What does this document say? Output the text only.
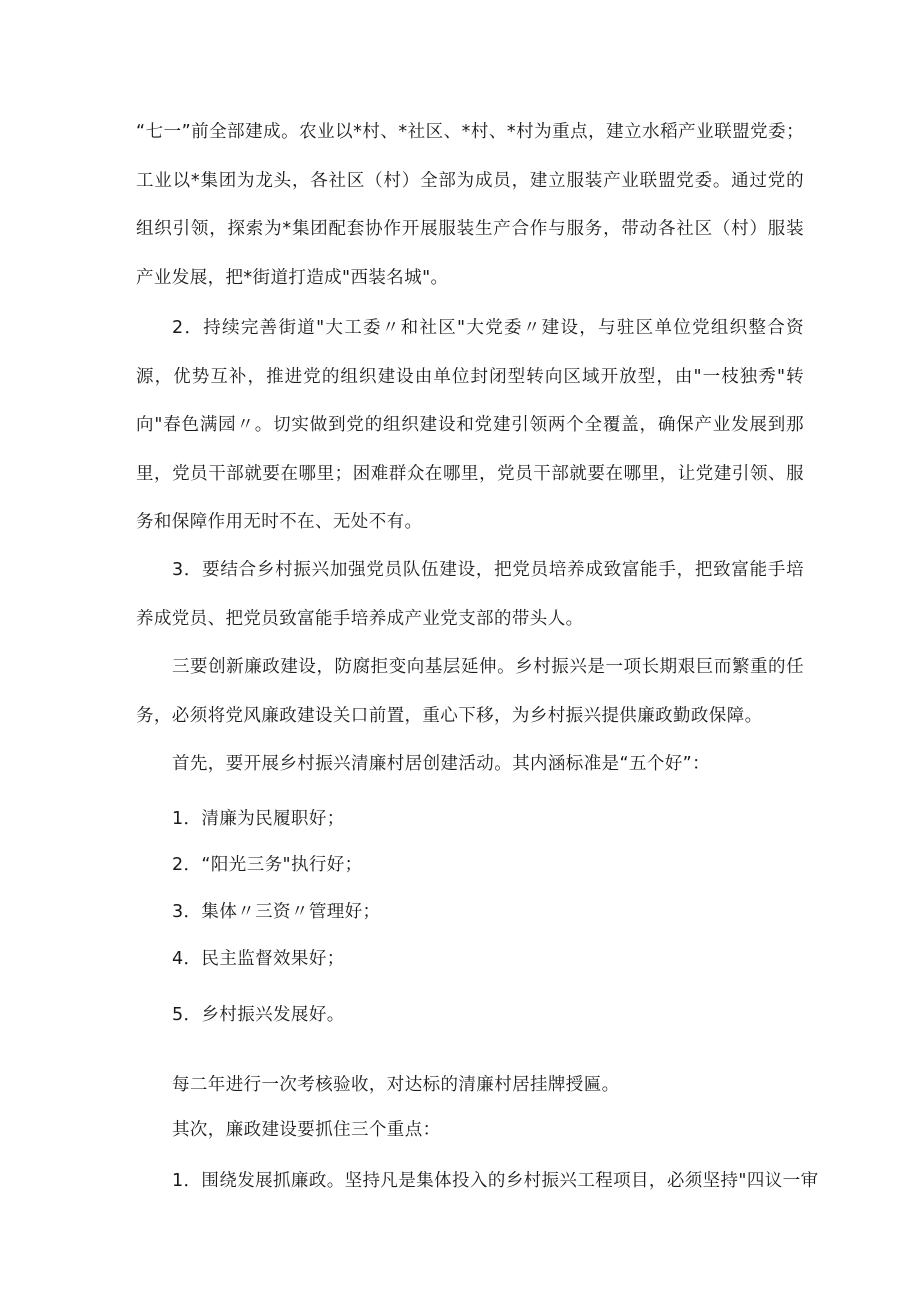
“七一”前全部建成。农业以*村、*社区、*村、*村为重点，建立水稻产业联盟党委；工业以*集团为龙头，各社区（村）全部为成员，建立服装产业联盟党委。通过党的组织引领，探索为*集团配套协作开展服装生产合作与服务，带动各社区（村）服装产业发展，把*街道打造成"西装名城"。

2．持续完善街道"大工委〃和社区"大党委〃建设，与驻区单位党组织整合资源，优势互补，推进党的组织建设由单位封闭型转向区域开放型，由"一枝独秀"转向"春色满园〃。切实做到党的组织建设和党建引领两个全覆盖，确保产业发展到那里，党员干部就要在哪里；困难群众在哪里，党员干部就要在哪里，让党建引领、服务和保障作用无时不在、无处不有。

3．要结合乡村振兴加强党员队伍建设，把党员培养成致富能手，把致富能手培养成党员、把党员致富能手培养成产业党支部的带头人。

三要创新廉政建设，防腐拒变向基层延伸。乡村振兴是一项长期艰巨而繁重的任务，必须将党风廉政建设关口前置，重心下移，为乡村振兴提供廉政勤政保障。

首先，要开展乡村振兴清廉村居创建活动。其内涵标准是“五个好”：

1．清廉为民履职好；

2．“阳光三务"执行好；

3．集体〃三资〃管理好；

4．民主监督效果好；

5．乡村振兴发展好。

每二年进行一次考核验收，对达标的清廉村居挂牌授匾。

其次，廉政建设要抓住三个重点：

1．围绕发展抓廉政。坚持凡是集体投入的乡村振兴工程项目，必须坚持"四议一审
